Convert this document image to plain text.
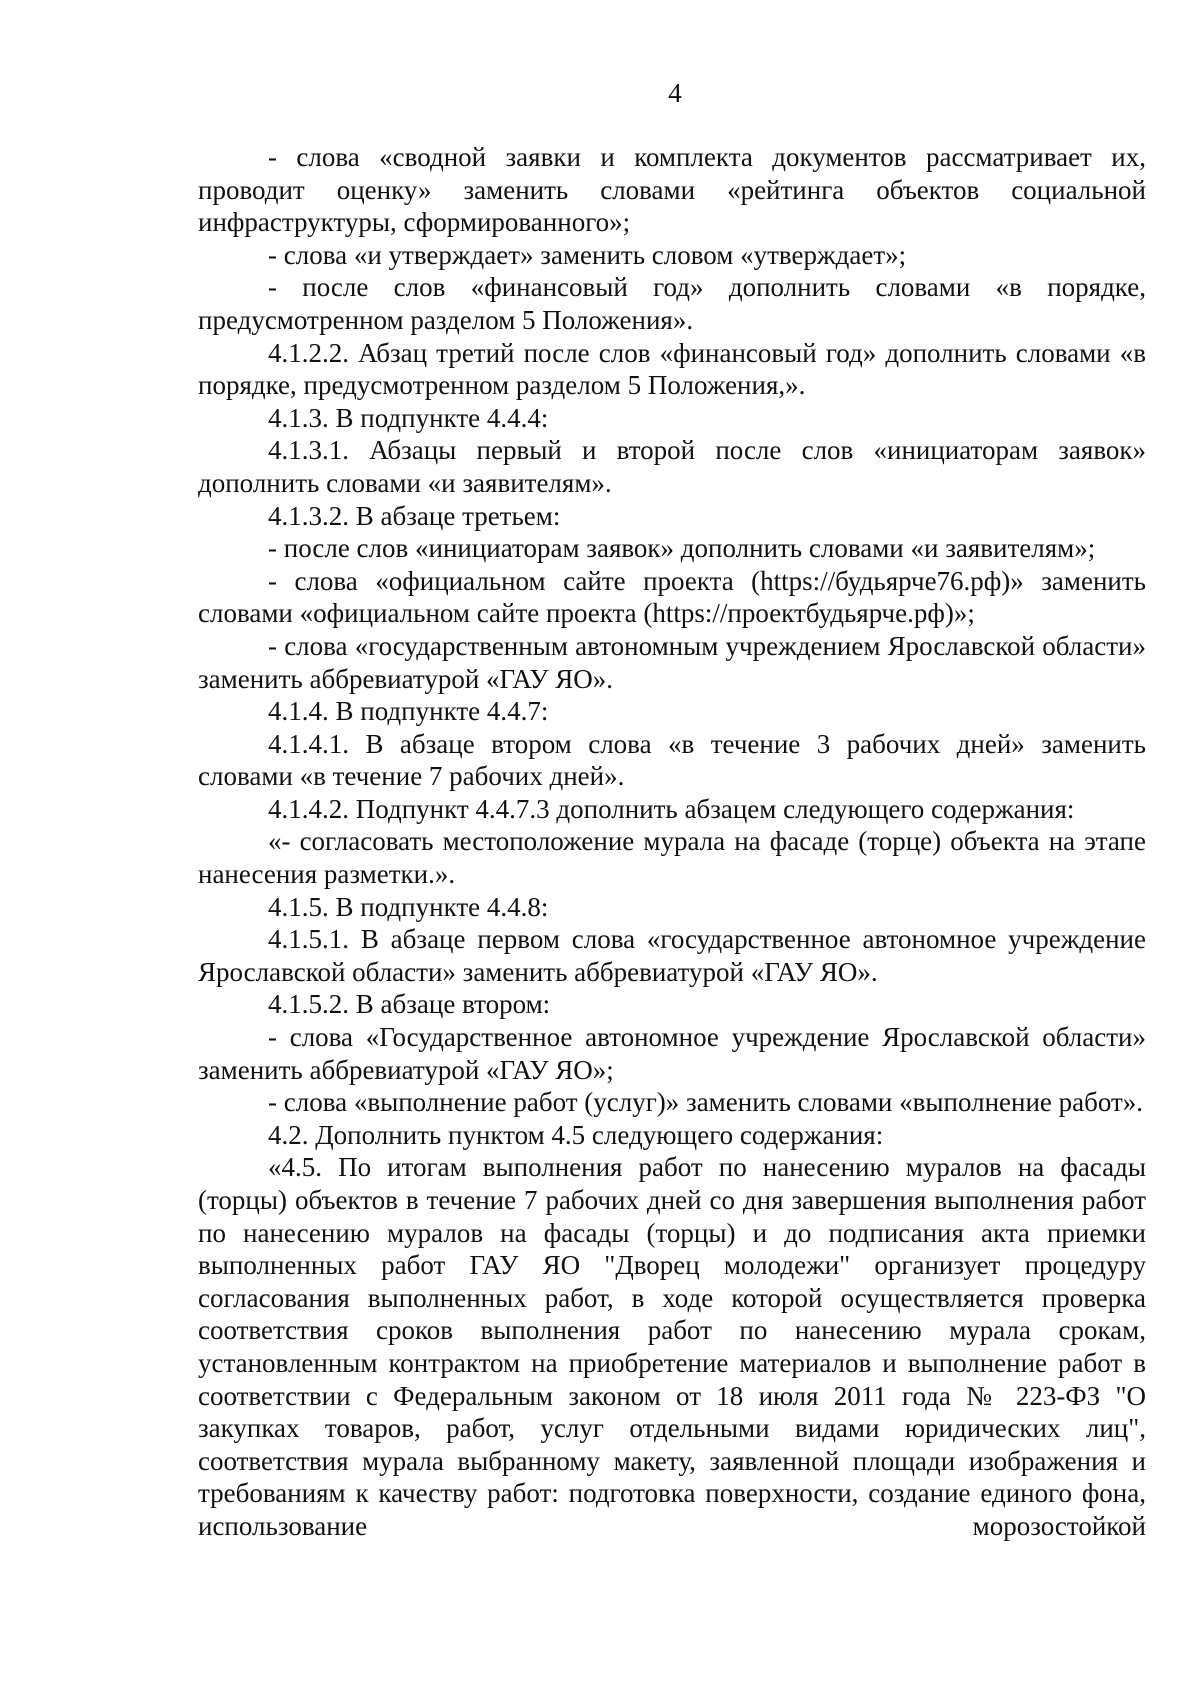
4

- слова «сводной заявки и комплекта документов рассматривает их, проводит оценку» заменить словами «рейтинга объектов социальной инфраструктуры, сформированного»;

- слова «и утверждает» заменить словом «утверждает»;

- после слов «финансовый год» дополнить словами «в порядке, предусмотренном разделом 5 Положения».

4.1.2.2. Абзац третий после слов «финансовый год» дополнить словами «в порядке, предусмотренном разделом 5 Положения,».

4.1.3. В подпункте 4.4.4:

4.1.3.1. Абзацы первый и второй после слов «инициаторам заявок» дополнить словами «и заявителям».

4.1.3.2. В абзаце третьем:

- после слов «инициаторам заявок» дополнить словами «и заявителям»;

- слова «официальном сайте проекта (https://будьярче76.рф)» заменить словами «официальном сайте проекта (https://проектбудьярче.рф)»;

- слова «государственным автономным учреждением Ярославской области» заменить аббревиатурой «ГАУ ЯО».

4.1.4. В подпункте 4.4.7:

4.1.4.1. В абзаце втором слова «в течение 3 рабочих дней» заменить словами «в течение 7 рабочих дней».

4.1.4.2. Подпункт 4.4.7.3 дополнить абзацем следующего содержания:

«- согласовать местоположение мурала на фасаде (торце) объекта на этапе нанесения разметки.».

4.1.5. В подпункте 4.4.8:

4.1.5.1. В абзаце первом слова «государственное автономное учреждение Ярославской области» заменить аббревиатурой «ГАУ ЯО».

4.1.5.2. В абзаце втором:

- слова «Государственное автономное учреждение Ярославской области» заменить аббревиатурой «ГАУ ЯО»;

- слова «выполнение работ (услуг)» заменить словами «выполнение работ».

4.2. Дополнить пунктом 4.5 следующего содержания:

«4.5. По итогам выполнения работ по нанесению муралов на фасады (торцы) объектов в течение 7 рабочих дней со дня завершения выполнения работ по нанесению муралов на фасады (торцы) и до подписания акта приемки выполненных работ ГАУ ЯО "Дворец молодежи" организует процедуру согласования выполненных работ, в ходе которой осуществляется проверка соответствия сроков выполнения работ по нанесению мурала срокам, установленным контрактом на приобретение материалов и выполнение работ в соответствии с Федеральным законом от 18 июля 2011 года № 223-ФЗ "О закупках товаров, работ, услуг отдельными видами юридических лиц", соответствия мурала выбранному макету, заявленной площади изображения и требованиям к качеству работ: подготовка поверхности, создание единого фона, использование морозостойкой
